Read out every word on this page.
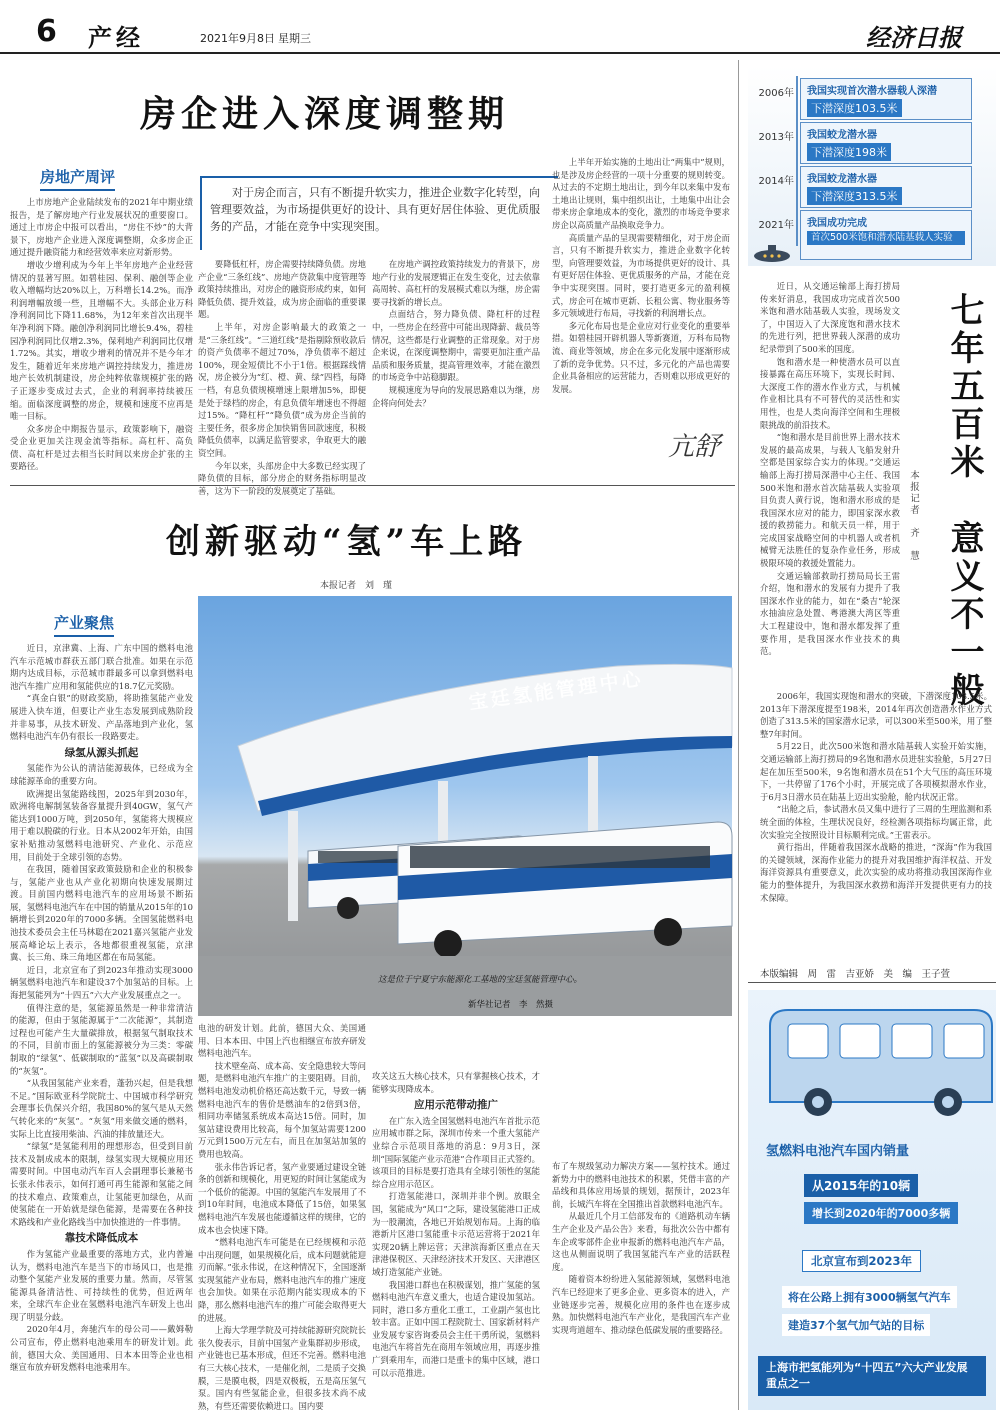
6 产经	2021年9月8日 星期三	经济日报
房企进入深度调整期
房地产周评
对于房企而言，只有不断提升软实力，推进企业数字化转型，向管理要效益，为市场提供更好的设计、具有更好居住体验、更优质服务的产品，才能在竞争中实现突围。

上市房地产企业陆续发布的2021年中期业绩报告，是了解房地产行业发展状况的重要窗口。通过上市房企中报可以看出，“房住不炒”的大背景下，房地产企业进入深度调整期，众多房企正通过提升融资能力和经营效率来应对新形势。

增收少增利成为今年上半年房地产企业经营情况的显著写照。如碧桂园、保利、融创等企业收入增幅均达20%以上，万科增长14.2%。而净利润增幅放缓一些，且增幅不大。头部企业万科净利润同比下降11.68%，为12年来首次出现半年净利润下降。融创净利润同比增长9.4%，碧桂园净利润同比仅增2.3%，保利地产利润同比仅增1.72%。其实，增收少增利的情况并不是今年才发生，随着近年来房地产调控持续发力，推进房地产长效机制建设，房企纯粹依靠规模扩张的路子正逐步变成过去式，企业的利润率持续被压缩。面临深度调整的房企，规模和速度不应再是唯一目标。

众多房企中期报告显示，政策影响下，融资受企业更加关注现金流等指标。高杠杆、高负债、高杠杆是过去相当长时间以来房企扩张的主要路径。

要降低杠杆，房企需要持续降负债。房地产企业“三条红线”、房地产贷款集中度管理等政策持续推出，对房企的融资形成约束，如何降低负债、提升效益，成为房企面临的重要课题。

上半年，对房企影响最大的政策之一是“三条红线”。“三道红线”是指剔除预收款后的资产负债率不超过70%，净负债率不超过100%，现金短债比不小于1倍。根据踩线情况，房企被分为“红、橙、黄、绿”四档，每降一档，有息负债规模增速上限增加5%，即便是处于绿档的房企，有息负债年增速也不得超过15%。“降杠杆”“降负债”成为房企当前的主要任务，很多房企加快销售回款速度，积极降低负债率，以满足监管要求，争取更大的融资空间。

今年以来，头部房企中大多数已经实现了降负债的目标，部分房企的财务指标明显改善，这为下一阶段的发展奠定了基础。

在房地产调控政策持续发力的背景下，房地产行业的发展逻辑正在发生变化，过去依靠高周转、高杠杆的发展模式难以为继，房企需要寻找新的增长点。

点面结合，努力降负债、降杠杆的过程中，一些房企在经营中可能出现降薪、裁员等情况，这些都是行业调整的正常现象。对于房企来说，在深度调整期中，需要更加注重产品品质和服务质量，提高管理效率，才能在激烈的市场竞争中站稳脚跟。

规模速度为导向的发展思路难以为继，房企将向何处去？

上半年开始实施的土地出让“两集中”规则，也是涉及房企经营的一项十分重要的规则转变。从过去的不定期土地出让，到今年以来集中发布土地出让规则，集中组织出让，土地集中出让会带来房企拿地成本的变化，激烈的市场竞争要求房企以高质量产品换取竞争力。

高质量产品的呈现需要精细化，对于房企而言，只有不断提升软实力，推进企业数字化转型，向管理要效益，为市场提供更好的设计、具有更好居住体验、更优质服务的产品，才能在竞争中实现突围。同时，要打造更多元的盈利模式，房企可在城市更新、长租公寓、物业服务等多元领域进行布局，寻找新的利润增长点。

多元化布局也是企业应对行业变化的重要举措。如碧桂园开辟机器人等新赛道，万科布局物流、商业等领域，房企在多元化发展中逐渐形成了新的竞争优势。只不过，多元化的产品也需要企业具备相应的运营能力，否则难以形成更好的发展。

亢舒
创新驱动“氢”车上路
本报记者　刘　瑾
产业聚焦
宝廷氢能管理中心
这是位于宁夏宁东能源化工基地的宝廷氢能管理中心。
新华社记者　李　然摄

近日，京津冀、上海、广东中国的燃料电池汽车示范城市群获五部门联合批准。如果在示范期内达成目标，示范城市群最多可以拿到燃料电池汽车推广应用和氢能供应的18.7亿元奖励。

“真金白银”的财政奖励，将助推氢能产业发展进入快车道，但要让产业生态发展到成熟阶段并非易事，从技术研发、产品落地到产业化，氢燃料电池汽车仍有很长一段路要走。

绿氢从源头抓起

氢能作为公认的清洁能源载体，已经成为全球能源革命的重要方向。

欧洲提出氢能路线图，2025年到2030年，欧洲将电解制氢装备容量提升到40GW，氢气产能达到1000万吨，到2050年，氢能将大规模应用于难以脱碳的行业。日本从2002年开始，由国家补贴推动氢燃料电池研究、产业化、示范应用，目前处于全球引领的态势。

在我国，随着国家政策鼓励和企业的积极参与，氢能产业也从产业化初期向快速发展期过渡。目前国内燃料电池汽车的应用场景不断拓展，氢燃料电池汽车在中国的销量从2015年的10辆增长到2020年的7000多辆。全国氢能燃料电池技术委员会主任马林聪在2021嘉兴氢能产业发展高峰论坛上表示，各地都很重视氢能，京津冀、长三角、珠三角地区都在布局氢能。

近日，北京宣布了到2023年推动实现3000辆氢燃料电池汽车和建设37个加氢站的目标。上海把氢能列为“十四五”六大产业发展重点之一。

值得注意的是，氢能源虽然是一种非常清洁的能源，但由于氢能源属于“二次能源”，其制造过程也可能产生大量碳排放，根据氢气制取技术的不同，目前市面上的氢能源被分为三类：零碳制取的“绿氢”、低碳制取的“蓝氢”以及高碳制取的“灰氢”。

“从我国氢能产业来看，蓬勃兴起，但是我想不足。”国际欧亚科学院院士、中国城市科学研究会理事长仇保兴介绍，我国80%的氢气是从天然气转化来的“灰氢”。“灰氢”用来做交通的燃料，实际上比直接用柴油、汽油的排放量还大。

“绿氢”是氢能利用的理想形态，但受到目前技术及制成成本的限制，绿氢实现大规模应用还需要时间。中国电动汽车百人会副理事长兼秘书长张永伟表示，如何打通可再生能源和氢能之间的技术难点、政策难点，让氢能更加绿色，从而使氢能在一开始就是绿色能源，是需要在各种技术路线和产业化路线当中加快推进的一件事情。

靠技术降低成本

作为氢能产业最重要的落地方式，业内普遍认为，燃料电池汽车是当下的市场风口，也是推动整个氢能产业发展的重要力量。然而，尽管氢能源具备清洁性、可持续性的优势，但近两年来，全球汽车企业在氢燃料电池汽车研发上也出现了明显分歧。

2020年4月，奔驰汽车的母公司——戴姆勒公司宣布，停止燃料电池乘用车的研发计划。此前，德国大众、美国通用、日本本田等企业也相继宣布放弃研发燃料电池乘用车。

电池的研发计划。此前，德国大众、美国通用、日本本田、中国上汽也相继宣布放弃研发燃料电池汽车。

技术壁垒高、成本高、安全隐患较大等问题，是燃料电池汽车推广的主要阻碍。目前，燃料电池发动机价格还高达数千元，导致一辆燃料电池汽车的售价是燃油车的2倍到3倍，相同功率储氢系统成本高达15倍。同时，加氢站建设费用比较高，每个加氢站需要1200万元到1500万元左右，而且在加氢站加氢的费用也较高。

张永伟告诉记者，氢产业要通过建设全链条的创新和规模化，用更短的时间让氢能成为一个低价的能源。中国的氢能汽车发展用了不到10年时间，电池成本降低了15倍，如果氢燃料电池汽车发展也能遵循这样的规律，它的成本也会快速下降。

“燃料电池汽车可能是在已经规模和示范中出现问题，如果规模化后，成本问题就能迎刃而解。”张永伟说，在这种情况下，全国逐渐实现氢能产业布局，燃料电池汽车的推广速度也会加快。如果在示范期内能实现成本的下降，那么燃料电池汽车的推广可能会取得更大的进展。

上海大学理学院及可持续能源研究院院长张久俊表示，目前中国氢产业集群初步形成，产业链也已基本形成，但还不完善。燃料电池有三大核心技术，一是催化剂，二是质子交换膜，三是膜电极，四是双极板，五是高压氢气泵。国内有些氢能企业，但很多技术尚不成熟，有些还需要依赖进口。国内要

攻关这五大核心技术，只有掌握核心技术，才能够实现降成本。

应用示范带动推广

在广东入选全国氢燃料电池汽车首批示范应用城市群之际，深圳市传来一个重大氢能产业综合示范项目落地的消息：9月3日，深圳“国际氢能产业示范港”合作项目正式签约。该项目的目标是要打造具有全球引领性的氢能综合应用示范区。

打造氢能港口，深圳并非个例。放眼全国，氢能成为“风口”之际，建设氢能港口正成为一股潮流，各地已开始规划布局。上海的临港新片区港口氢能重卡示范运营将于2021年实现20辆上牌运营；天津滨海新区重点在天津港保税区、天津经济技术开发区、天津港区域打造氢能产业链。

我国港口群也在积极谋划，推广氢能的氢燃料电池汽车意义重大，也适合建设加氢站。同时，港口多方重化工重工，工业副产氢也比较丰富。正如中国工程院院士、国家新材料产业发展专家咨询委员会主任干勇所说，氢燃料电池汽车将首先在商用车领域应用，再逐步推广到乘用车，而港口是重卡的集中区域，港口可以示范推进。

布了车规级氢动力解决方案——氢柠技术。通过新势力中的燃料电池技术的积累，凭借丰富的产品线和具体应用场景的规划，据预计，2023年前，长城汽车将在全国推出首款燃料电池汽车。

从最近几个月工信部发布的《道路机动车辆生产企业及产品公告》来看，每批次公告中都有车企或零部件企业申报新的燃料电池汽车产品，这也从侧面说明了我国氢能汽车产业的活跃程度。

随着资本纷纷进入氢能源领域，氢燃料电池汽车已经迎来了更多企业、更多资本的进入，产业链逐步完善，规模化应用的条件也在逐步成熟。加快燃料电池汽车产业化，是我国汽车产业实现弯道超车、推动绿色低碳发展的重要路径。

2006年 我国实现首次潜水器载人深潜
下潜深度103.5米
2013年 我国蛟龙潜水器
下潜深度198米
2014年 我国蛟龙潜水器
下潜深度313.5米
2021年 我国成功完成
首次500米饱和潜水陆基载人实验
七年五百米　意义不一般
本报记者　齐　慧

近日，从交通运输部上海打捞局传来好消息，我国成功完成首次500米饱和潜水陆基载人实验，现场发文了，中国迈入了大深度饱和潜水技术的先进行列，把世界载人深潜的成功纪录带到了500米的国度。

饱和潜水是一种使潜水员可以直接暴露在高压环境下，实现长时间、大深度工作的潜水作业方式，与机械作业相比具有不可替代的灵活性和实用性，也是人类向海洋空间和生理极限挑战的前沿技术。

“饱和潜水是目前世界上潜水技术发展的最高成果，与载人飞船发射升空都是国家综合实力的体现。”交通运输部上海打捞局深潜中心主任、我国500米饱和潜水首次陆基载人实验项目负责人黄行说，饱和潜水形成的是我国深水应对的能力，即国家深水救援的救捞能力。和航天员一样，用于完成国家战略空间的中机器人或者机械臂无法胜任的复杂作业任务，形成极限环境的救援处置能力。

交通运输部救助打捞局局长王雷介绍，饱和潜水的发展有力提升了我国深水作业的能力，如在“桑吉”轮深水抽油应急处置、粤港澳大湾区等重大工程建设中，饱和潜水都发挥了重要作用，是我国深水作业技术的典范。

2006年，我国实现饱和潜水的突破，下潜深度103.5米。2013年下潜深度提至198米，2014年再次创造潜水作业方式创造了313.5米的国家潜水记录，可以300米至500米，用了整整7年时间。

5月22日，此次500米饱和潜水陆基载人实验开始实施，交通运输部上海打捞局的9名饱和潜水员进驻实验舱，5月27日起在加压至500米，9名饱和潜水员在51个大气压的高压环境下，一共停留了176个小时，开展完成了各项模拟潜水作业，于6月3日潜水员在陆基上迈出实验舱，舱内状况正常。

“出舱之后，参试潜水员又集中进行了三周的生理监测和系统全面的体检，生理状况良好，经检测各项指标均属正常，此次实验完全按照设计目标顺利完成。”王雷表示。

黄行指出，伴随着我国深水战略的推进，“深海”作为我国的关键领域，深海作业能力的提升对我国维护海洋权益、开发海洋资源具有重要意义，此次实验的成功将推动我国深海作业能力的整体提升，为我国深水救捞和海洋开发提供更有力的技术保障。

本版编辑　周　雷　吉亚娇　美　编　王子萱
氢燃料电池汽车国内销量
从2015年的10辆
增长到2020年的7000多辆
北京宣布到2023年
将在公路上拥有3000辆氢气汽车
建造37个氢气加气站的目标
上海市把氢能列为“十四五”六大产业发展重点之一
